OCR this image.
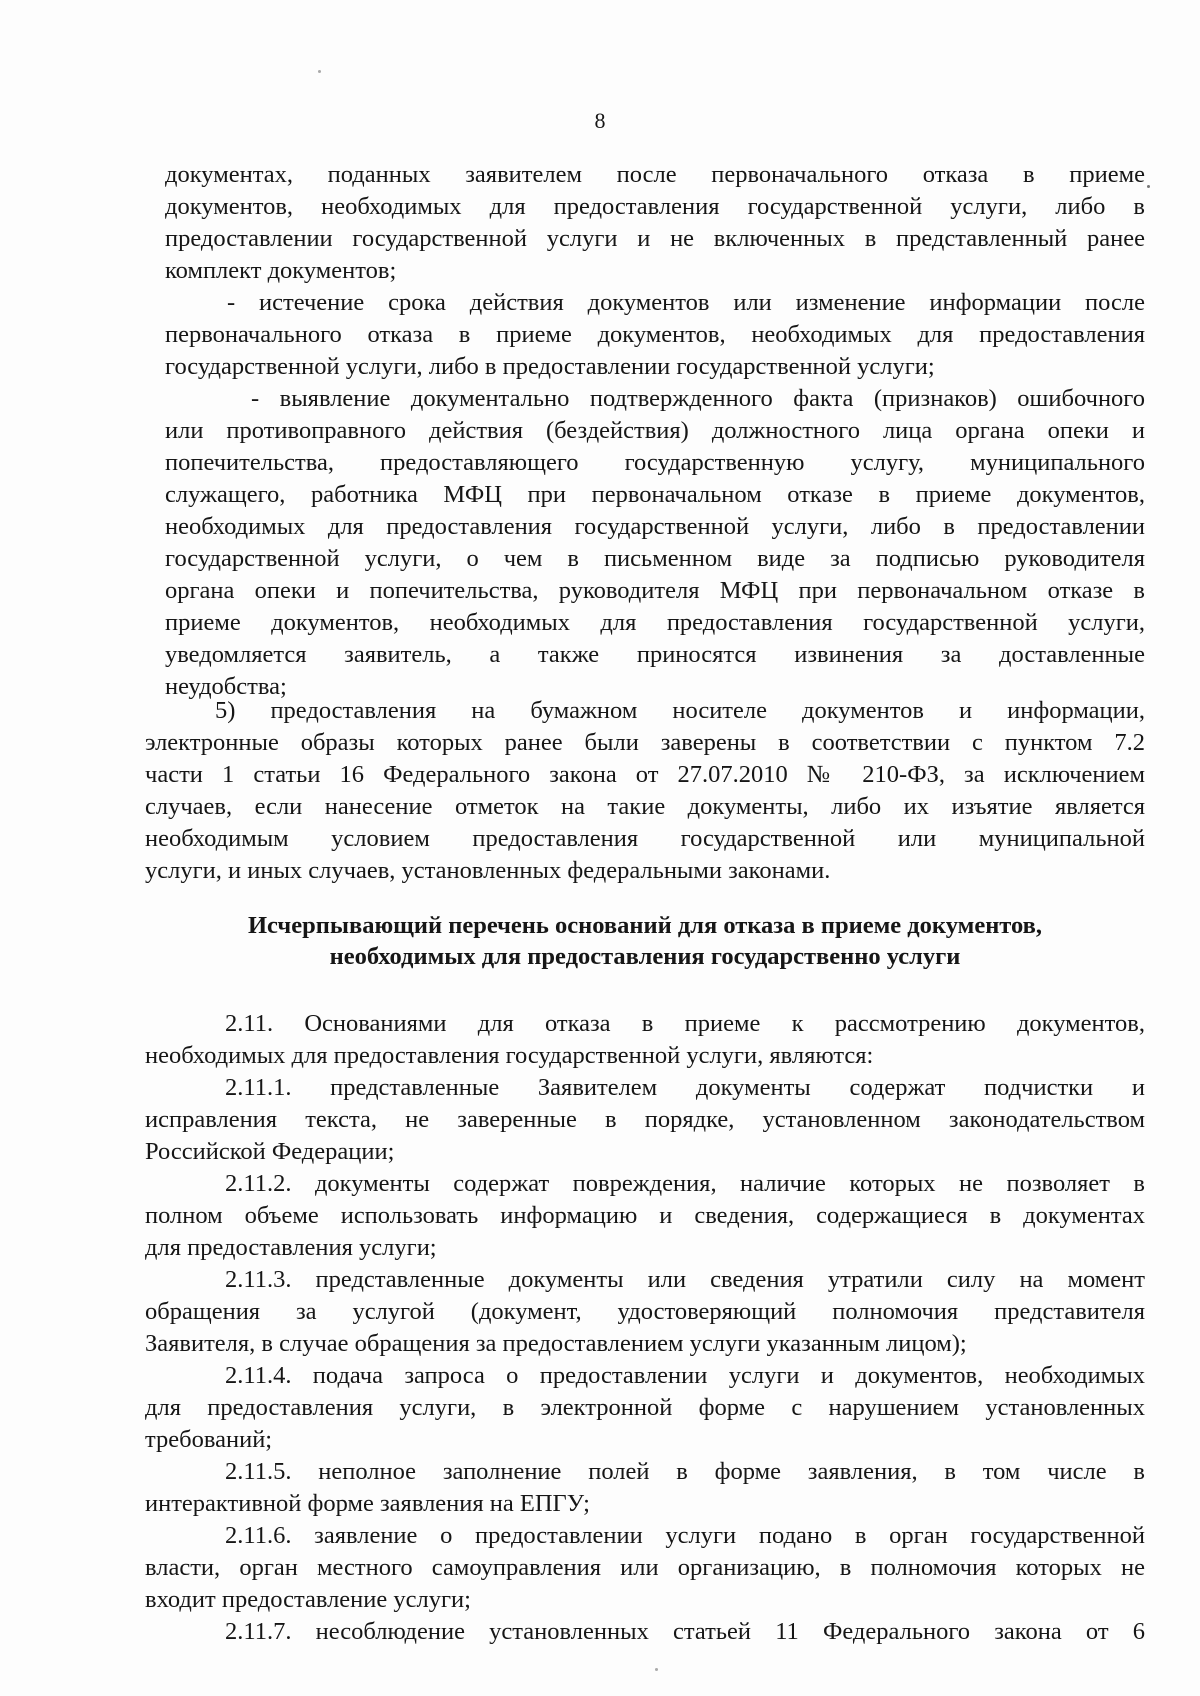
8
документах, поданных заявителем после первоначального отказа в приеме
документов, необходимых для предоставления государственной услуги, либо в
предоставлении государственной услуги и не включенных в представленный ранее
комплект документов;
- истечение срока действия документов или изменение информации после
первоначального отказа в приеме документов, необходимых для предоставления
государственной услуги, либо в предоставлении государственной услуги;
- выявление документально подтвержденного факта (признаков) ошибочного
или противоправного действия (бездействия) должностного лица органа опеки и
попечительства, предоставляющего государственную услугу, муниципального
служащего, работника МФЦ при первоначальном отказе в приеме документов,
необходимых для предоставления государственной услуги, либо в предоставлении
государственной услуги, о чем в письменном виде за подписью руководителя
органа опеки и попечительства, руководителя МФЦ при первоначальном отказе в
приеме документов, необходимых для предоставления государственной услуги,
уведомляется заявитель, а также приносятся извинения за доставленные
неудобства;
5) предоставления на бумажном носителе документов и информации,
электронные образы которых ранее были заверены в соответствии с пунктом 7.2
части 1 статьи 16 Федерального закона от 27.07.2010 № 210-ФЗ, за исключением
случаев, если нанесение отметок на такие документы, либо их изъятие является
необходимым условием предоставления государственной или муниципальной
услуги, и иных случаев, установленных федеральными законами.
Исчерпывающий перечень оснований для отказа в приеме документов,
необходимых для предоставления государственно услуги
2.11. Основаниями для отказа в приеме к рассмотрению документов,
необходимых для предоставления государственной услуги, являются:
2.11.1. представленные Заявителем документы содержат подчистки и
исправления текста, не заверенные в порядке, установленном законодательством
Российской Федерации;
2.11.2. документы содержат повреждения, наличие которых не позволяет в
полном объеме использовать информацию и сведения, содержащиеся в документах
для предоставления услуги;
2.11.3. представленные документы или сведения утратили силу на момент
обращения за услугой (документ, удостоверяющий полномочия представителя
Заявителя, в случае обращения за предоставлением услуги указанным лицом);
2.11.4. подача запроса о предоставлении услуги и документов, необходимых
для предоставления услуги, в электронной форме с нарушением установленных
требований;
2.11.5. неполное заполнение полей в форме заявления, в том числе в
интерактивной форме заявления на ЕПГУ;
2.11.6. заявление о предоставлении услуги подано в орган государственной
власти, орган местного самоуправления или организацию, в полномочия которых не
входит предоставление услуги;
2.11.7. несоблюдение установленных статьей 11 Федерального закона от 6
